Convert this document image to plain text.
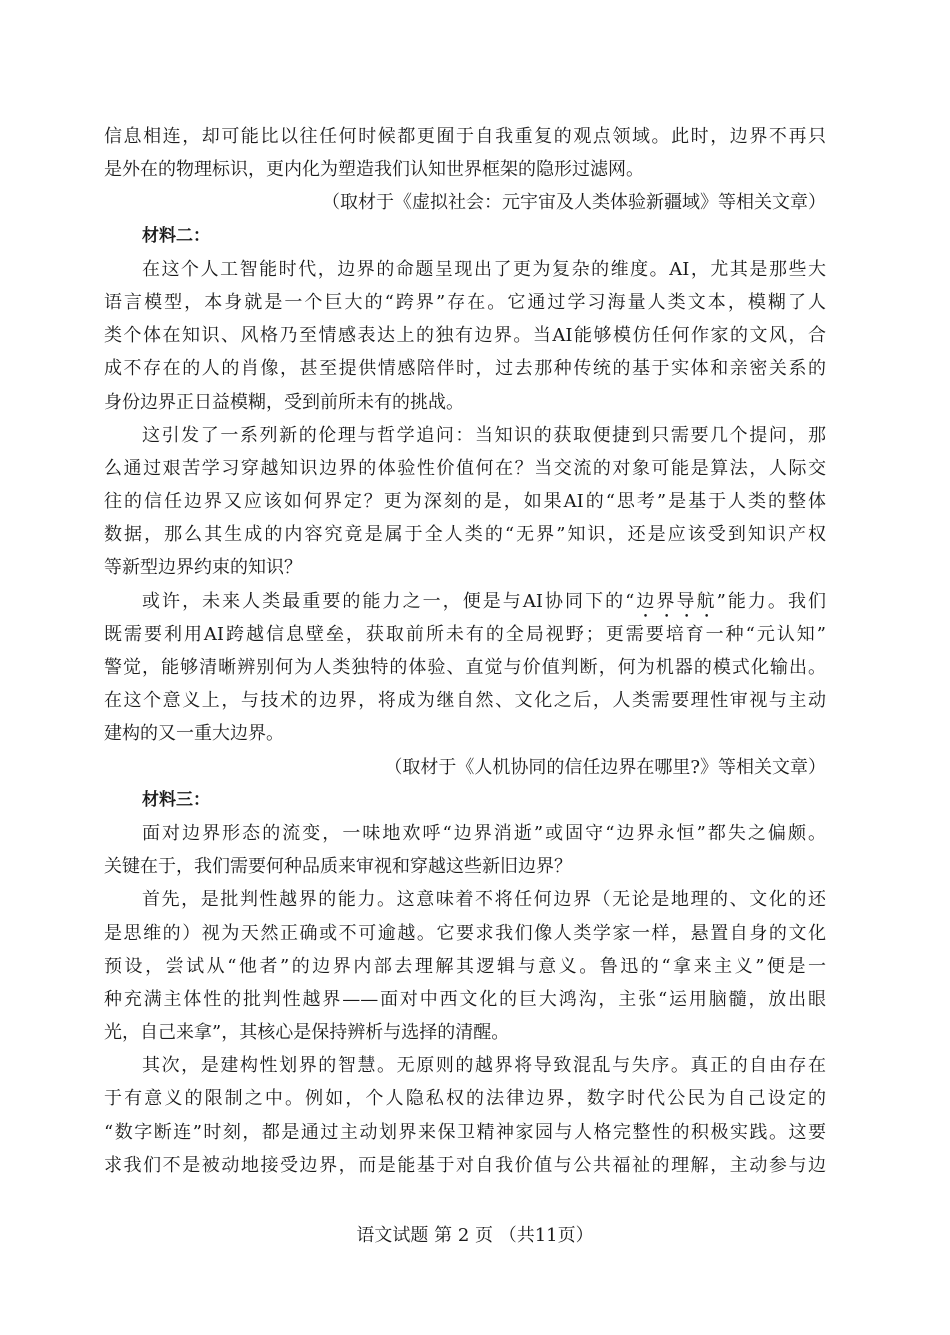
信息相连，却可能比以往任何时候都更囿于自我重复的观点领域。此时，边界不再只
是外在的物理标识，更内化为塑造我们认知世界框架的隐形过滤网。
（取材于《虚拟社会：元宇宙及人类体验新疆域》等相关文章）
材料二：
在这个人工智能时代，边界的命题呈现出了更为复杂的维度。AI，尤其是那些大
语言模型，本身就是一个巨大的“跨界”存在。它通过学习海量人类文本，模糊了人
类个体在知识、风格乃至情感表达上的独有边界。当AI能够模仿任何作家的文风，合
成不存在的人的肖像，甚至提供情感陪伴时，过去那种传统的基于实体和亲密关系的
身份边界正日益模糊，受到前所未有的挑战。
这引发了一系列新的伦理与哲学追问：当知识的获取便捷到只需要几个提问，那
么通过艰苦学习穿越知识边界的体验性价值何在？当交流的对象可能是算法，人际交
往的信任边界又应该如何界定？更为深刻的是，如果AI的“思考”是基于人类的整体
数据，那么其生成的内容究竟是属于全人类的“无界”知识，还是应该受到知识产权
等新型边界约束的知识？
或许，未来人类最重要的能力之一，便是与AI协同下的“边界导航”能力。我们
既需要利用AI跨越信息壁垒，获取前所未有的全局视野；更需要培育一种“元认知”
警觉，能够清晰辨别何为人类独特的体验、直觉与价值判断，何为机器的模式化输出。
在这个意义上，与技术的边界，将成为继自然、文化之后，人类需要理性审视与主动
建构的又一重大边界。
（取材于《人机协同的信任边界在哪里?》等相关文章）
材料三：
面对边界形态的流变，一味地欢呼“边界消逝”或固守“边界永恒”都失之偏颇。
关键在于，我们需要何种品质来审视和穿越这些新旧边界？
首先，是批判性越界的能力。这意味着不将任何边界（无论是地理的、文化的还
是思维的）视为天然正确或不可逾越。它要求我们像人类学家一样，悬置自身的文化
预设，尝试从“他者”的边界内部去理解其逻辑与意义。鲁迅的“拿来主义”便是一
种充满主体性的批判性越界——面对中西文化的巨大鸿沟，主张“运用脑髓，放出眼
光，自己来拿”，其核心是保持辨析与选择的清醒。
其次，是建构性划界的智慧。无原则的越界将导致混乱与失序。真正的自由存在
于有意义的限制之中。例如，个人隐私权的法律边界，数字时代公民为自己设定的
“数字断连”时刻，都是通过主动划界来保卫精神家园与人格完整性的积极实践。这要
求我们不是被动地接受边界，而是能基于对自我价值与公共福祉的理解，主动参与边
语文试题 第 2 页 （共11页）
